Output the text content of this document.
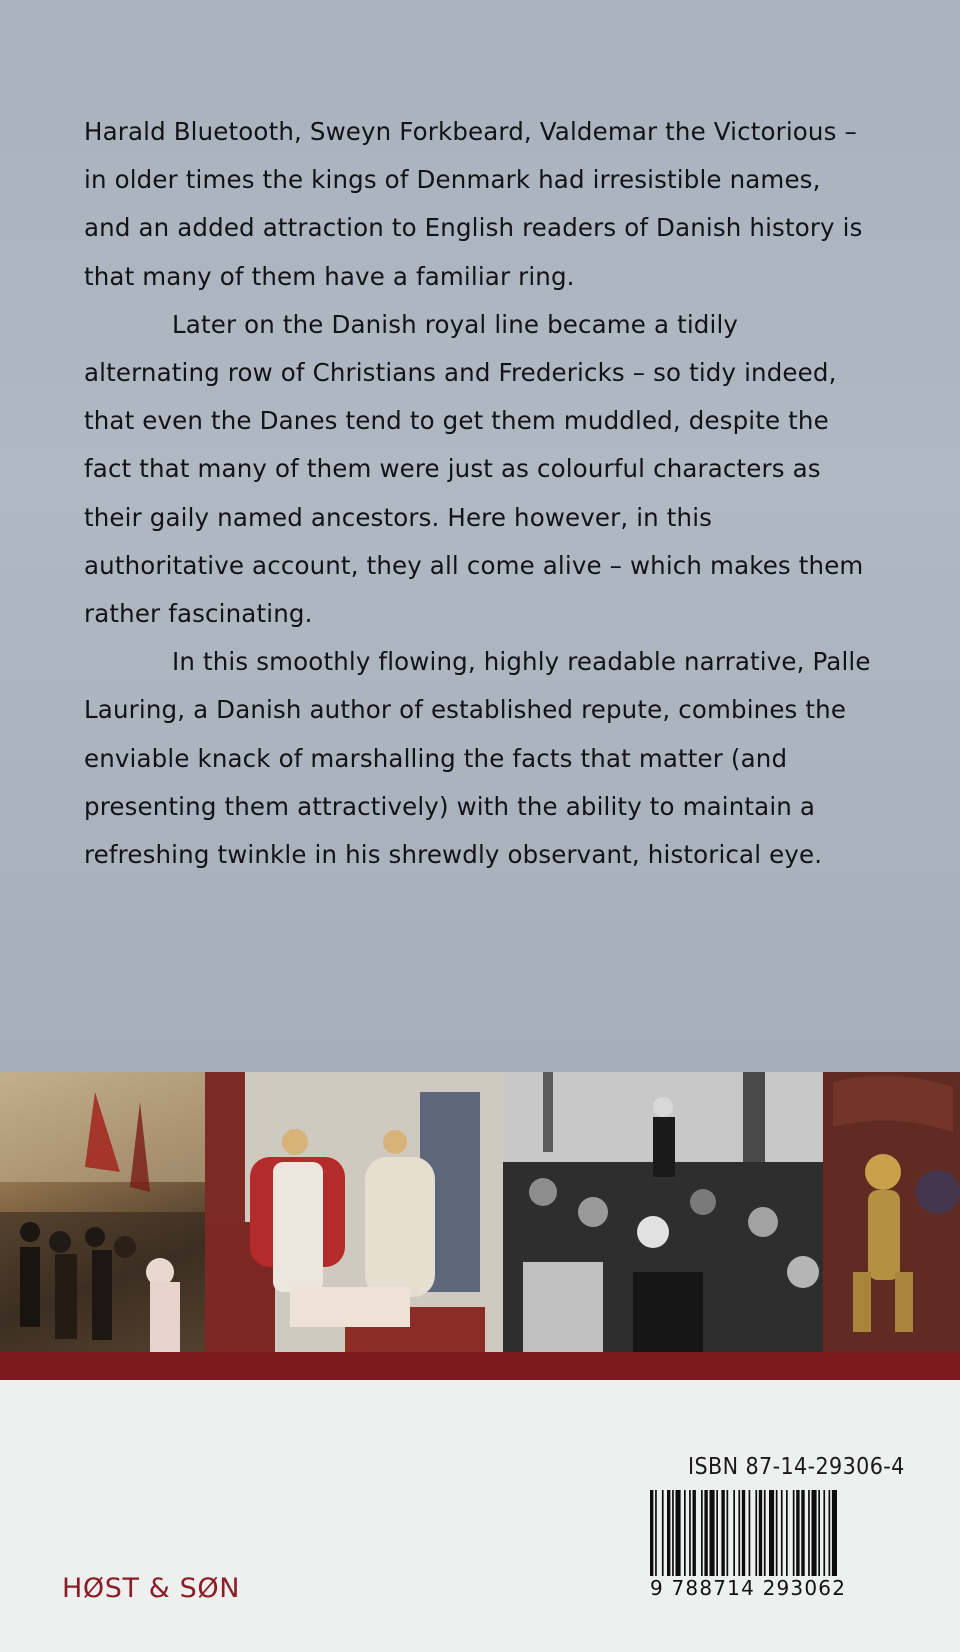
Harald Bluetooth, Sweyn Forkbeard, Valdemar the Victorious – in older times the kings of Denmark had irresistible names, and an added attraction to English readers of Danish history is that many of them have a familiar ring.

Later on the Danish royal line became a tidily alternating row of Christians and Fredericks – so tidy indeed, that even the Danes tend to get them muddled, despite the fact that many of them were just as colourful characters as their gaily named ancestors. Here however, in this authoritative account, they all come alive – which makes them rather fascinating.

In this smoothly flowing, highly readable narrative, Palle Lauring, a Danish author of established repute, combines the enviable knack of marshalling the facts that matter (and presenting them attractively) with the ability to maintain a refreshing twinkle in his shrewdly observant, historical eye.

ISBN 87-14-29306-4
9 788714 293062
HØST & SØN
